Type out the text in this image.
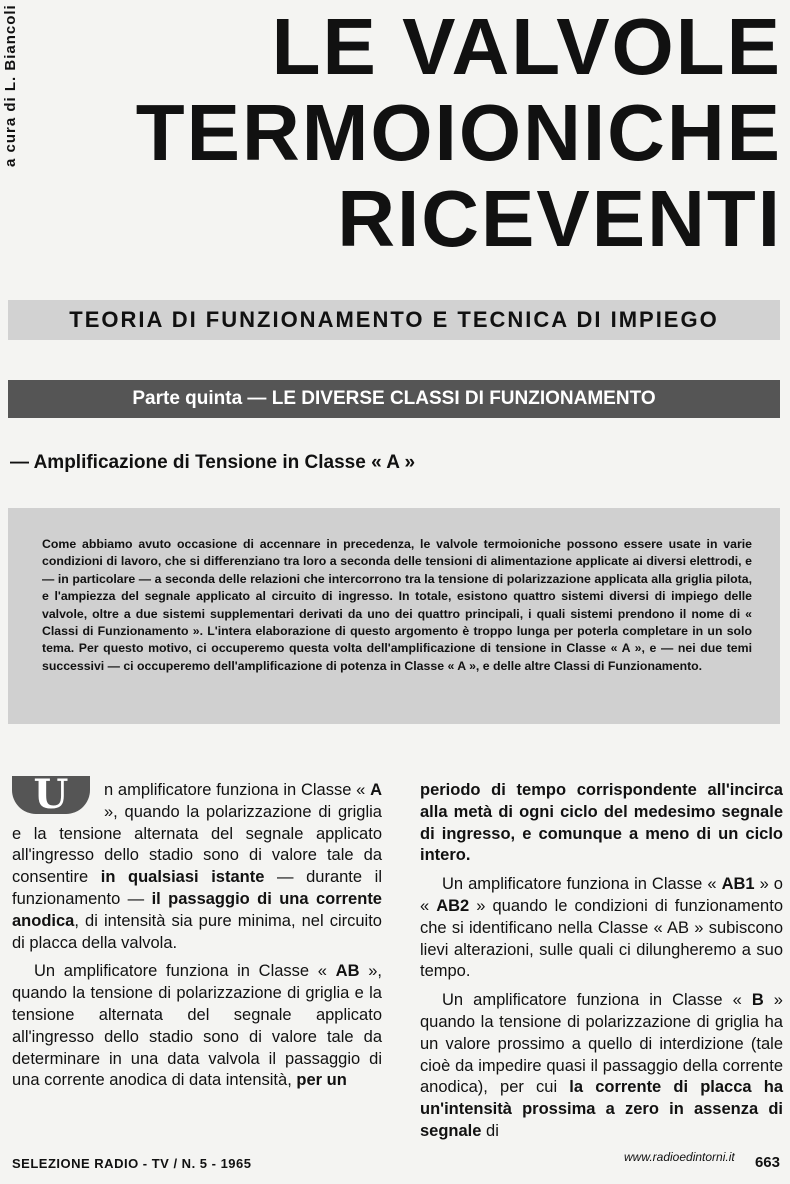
a cura di L. Biancoli	LE VALVOLE
TERMOIONICHE
RICEVENTI
TEORIA DI FUNZIONAMENTO E TECNICA DI IMPIEGO
Parte quinta — LE DIVERSE CLASSI DI FUNZIONAMENTO
— Amplificazione di Tensione in Classe « A »
Come abbiamo avuto occasione di accennare in precedenza, le valvole termoioniche possono essere usate in varie condizioni di lavoro, che si differenziano tra loro a seconda delle tensioni di alimentazione applicate ai diversi elettrodi, e — in particolare — a seconda delle relazioni che intercorrono tra la tensione di polarizzazione applicata alla griglia pilota, e l'ampiezza del segnale applicato al circuito di ingresso. In totale, esistono quattro sistemi diversi di impiego delle valvole, oltre a due sistemi supplementari derivati da uno dei quattro principali, i quali sistemi prendono il nome di « Classi di Funzionamento ». L'intera elaborazione di questo argomento è troppo lunga per poterla completare in un solo tema. Per questo motivo, ci occuperemo questa volta dell'amplificazione di tensione in Classe « A », e — nei due temi successivi — ci occuperemo dell'amplificazione di potenza in Classe « A », e delle altre Classi di Funzionamento.
U	n amplificatore funziona in Classe « A », quando la polarizzazione di griglia e la tensione alternata del segnale applicato all'ingresso dello stadio sono di valore tale da consentire in qualsiasi istante — durante il funzionamento — il passaggio di una corrente anodica, di intensità sia pure minima, nel circuito di placca della valvola.

Un amplificatore funziona in Classe « AB », quando la tensione di polarizzazione di griglia e la tensione alternata del segnale applicato all'ingresso dello stadio sono di valore tale da determinare in una data valvola il passaggio di una corrente anodica di data intensità, per un

periodo di tempo corrispondente all'incirca alla metà di ogni ciclo del medesimo segnale di ingresso, e comunque a meno di un ciclo intero.

Un amplificatore funziona in Classe « AB1 » o « AB2 » quando le condizioni di funzionamento che si identificano nella Classe « AB » subiscono lievi alterazioni, sulle quali ci dilungheremo a suo tempo.

Un amplificatore funziona in Classe « B » quando la tensione di polarizzazione di griglia ha un valore prossimo a quello di interdizione (tale cioè da impedire quasi il passaggio della corrente anodica), per cui la corrente di placca ha un'intensità prossima a zero in assenza di segnale di

SELEZIONE RADIO - TV / N. 5 - 1965	www.radioedintorni.it 663
